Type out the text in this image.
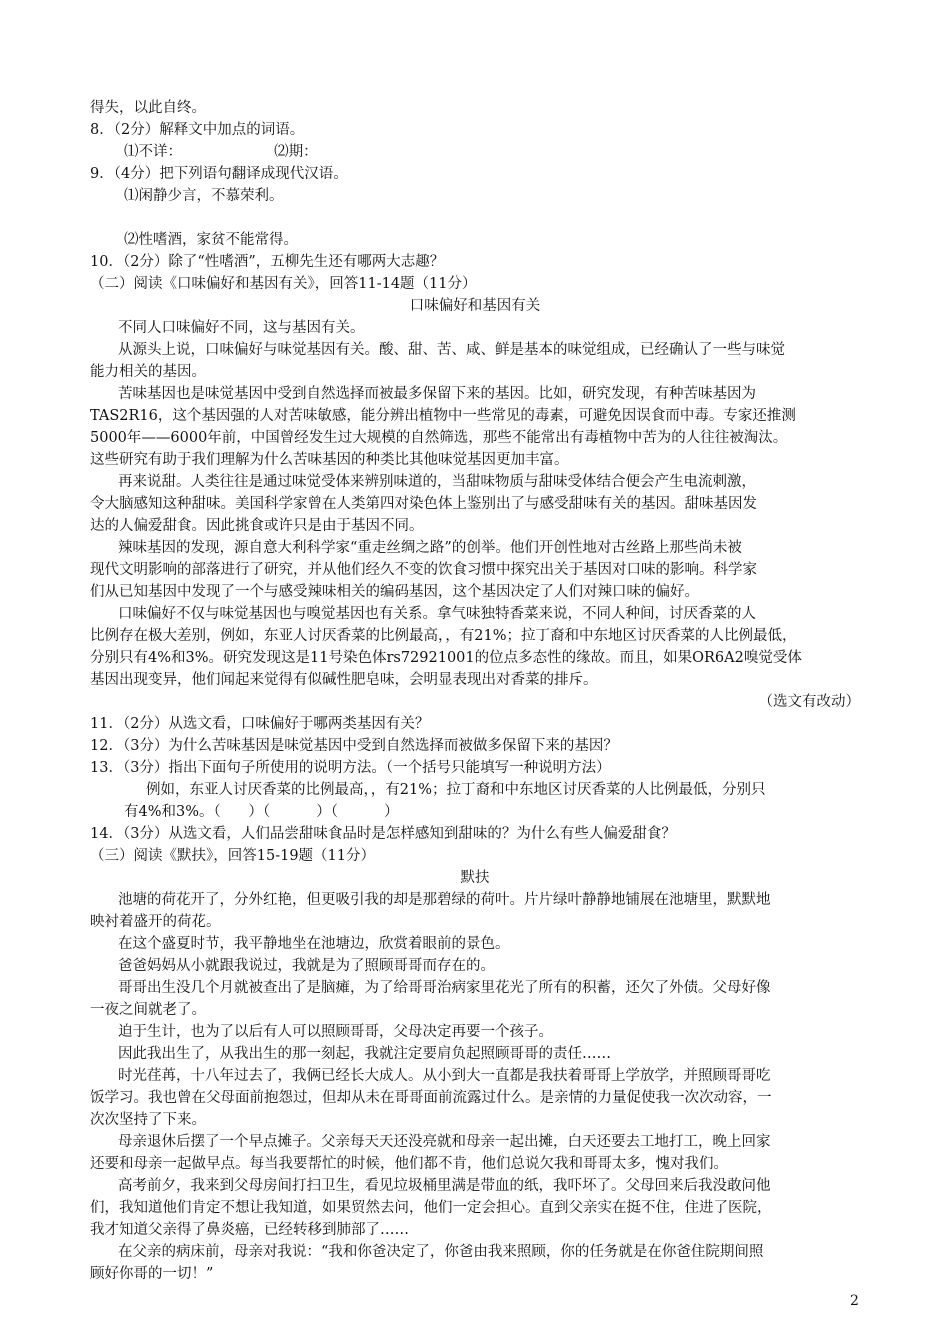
得失，以此自终。
8．（2分）解释文中加点的词语。
⑴不详：                    ⑵期：
9．（4分）把下列语句翻译成现代汉语。
⑴闲静少言，不慕荣利。
⑵性嗜酒，家贫不能常得。
10．（2分）除了“性嗜酒”，五柳先生还有哪两大志趣？
（二）阅读《口味偏好和基因有关》，回答11-14题（11分）
口味偏好和基因有关
不同人口味偏好不同，这与基因有关。
从源头上说，口味偏好与味觉基因有关。酸、甜、苦、咸、鲜是基本的味觉组成，已经确认了一些与味觉
能力相关的基因。
苦味基因也是味觉基因中受到自然选择而被最多保留下来的基因。比如，研究发现，有种苦味基因为
TAS2R16，这个基因强的人对苦味敏感，能分辨出植物中一些常见的毒素，可避免因误食而中毒。专家还推测
5000年——6000年前，中国曾经发生过大规模的自然筛选，那些不能常出有毒植物中苦为的人往往被淘汰。
这些研究有助于我们理解为什么苦味基因的种类比其他味觉基因更加丰富。
再来说甜。人类往往是通过味觉受体来辨别味道的，当甜味物质与甜味受体结合便会产生电流刺激，
令大脑感知这种甜味。美国科学家曾在人类第四对染色体上鉴别出了与感受甜味有关的基因。甜味基因发
达的人偏爱甜食。因此挑食或许只是由于基因不同。
辣味基因的发现，源自意大利科学家“重走丝绸之路”的创举。他们开创性地对古丝路上那些尚未被
现代文明影响的部落进行了研究，并从他们经久不变的饮食习惯中探究出关于基因对口味的影响。科学家
们从已知基因中发现了一个与感受辣味相关的编码基因，这个基因决定了人们对辣口味的偏好。
口味偏好不仅与味觉基因也与嗅觉基因也有关系。拿气味独特香菜来说，不同人种间，讨厌香菜的人
比例存在极大差别，例如，东亚人讨厌香菜的比例最高，，有21%；拉丁裔和中东地区讨厌香菜的人比例最低，
分别只有4%和3%。研究发现这是11号染色体rs72921001的位点多态性的缘故。而且，如果OR6A2嗅觉受体
基因出现变异，他们闻起来觉得有似碱性肥皂味，会明显表现出对香菜的排斥。
（选文有改动）
11．（2分）从选文看，口味偏好于哪两类基因有关？
12．（3分）为什么苦味基因是味觉基因中受到自然选择而被做多保留下来的基因？
13．（3分）指出下面句子所使用的说明方法。（一个括号只能填写一种说明方法）
例如，东亚人讨厌香菜的比例最高，，有21%；拉丁裔和中东地区讨厌香菜的人比例最低，分别只
有4%和3%。（      ）（          ）（          ）
14．（3分）从选文看，人们品尝甜味食品时是怎样感知到甜味的？为什么有些人偏爱甜食？
（三）阅读《默扶》，回答15-19题（11分）
默扶
池塘的荷花开了，分外红艳，但更吸引我的却是那碧绿的荷叶。片片绿叶静静地铺展在池塘里，默默地
映衬着盛开的荷花。
在这个盛夏时节，我平静地坐在池塘边，欣赏着眼前的景色。
爸爸妈妈从小就跟我说过，我就是为了照顾哥哥而存在的。
哥哥出生没几个月就被查出了是脑瘫，为了给哥哥治病家里花光了所有的积蓄，还欠了外债。父母好像
一夜之间就老了。
迫于生计，也为了以后有人可以照顾哥哥，父母决定再要一个孩子。
因此我出生了，从我出生的那一刻起，我就注定要肩负起照顾哥哥的责任……
时光荏苒，十八年过去了，我俩已经长大成人。从小到大一直都是我扶着哥哥上学放学，并照顾哥哥吃
饭学习。我也曾在父母面前抱怨过，但却从未在哥哥面前流露过什么。是亲情的力量促使我一次次动容，一
次次坚持了下来。
母亲退休后摆了一个早点摊子。父亲每天天还没亮就和母亲一起出摊，白天还要去工地打工，晚上回家
还要和母亲一起做早点。每当我要帮忙的时候，他们都不肯，他们总说欠我和哥哥太多，愧对我们。
高考前夕，我来到父母房间打扫卫生，看见垃圾桶里满是带血的纸，我吓坏了。父母回来后我没敢问他
们，我知道他们肯定不想让我知道，如果贸然去问，他们一定会担心。直到父亲实在挺不住，住进了医院，
我才知道父亲得了鼻炎癌，已经转移到肺部了……
在父亲的病床前，母亲对我说：“我和你爸决定了，你爸由我来照顾，你的任务就是在你爸住院期间照
顾好你哥的一切！”
2
